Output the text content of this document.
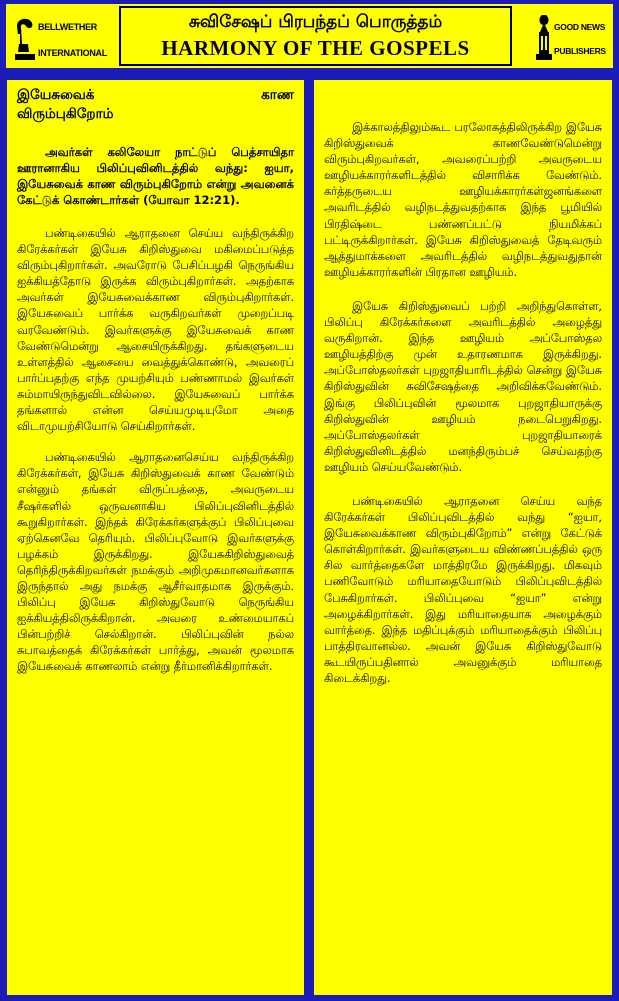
BELLWETHER
INTERNATIONAL
சுவிசேஷப் பிரபந்தப் பொருத்தம்
HARMONY OF THE GOSPELS
GOOD NEWS
PUBLISHERS

இயேசுவைக் காண

விரும்புகிறோம்

அவர்கள் கலிலேயா நாட்டுப் பெத்சாயிதா ஊரானாகிய பிலிப்புவினிடத்தில் வந்து: ஐயா, இயேசுவைக் காண விரும்புகிறோம் என்று அவனைக் கேட்டுக் கொண்டார்கள் (யோவா 12:21).

பண்டிகையில் ஆராதனை செய்ய வந்திருக்கிற கிரேக்கர்கள் இயேசு கிறிஸ்துவை மகிமைப்படுத்த விரும்புகிறார்கள். அவரோடு பேசிப்பழகி நெருங்கிய ஐக்கியத்தோடு இருக்க விரும்புகிறார்கள். அதற்காக அவர்கள் இயேசுவைக்காண விரும்புகிறார்கள். இயேசுவைப் பார்க்க வருகிறவர்கள் முறைப்படி வரவேண்டும். இவர்களுக்கு இயேசுவைக் காண வேண்டுமென்று ஆசையிருக்கிறது. தங்களுடைய உள்ளத்தில் ஆசையை வைத்துக்கொண்டு, அவரைப் பார்ப்பதற்கு எந்த முயற்சியும் பண்ணாமல் இவர்கள் சும்மாயிருந்துவிடவில்லை. இயேசுவைப் பார்க்க தங்களால் என்ன செய்யமுடியுமோ அதை விடாமுயற்சியோடு செய்கிறார்கள்.

பண்டிகையில் ஆராதனைசெய்ய வந்திருக்கிற கிரேக்கர்கள், இயேசு கிறிஸ்துவைக் காண வேண்டும் என்னும் தங்கள் விருப்பத்தை, அவருடைய சீஷர்களில் ஒருவனாகிய பிலிப்புவினிடத்தில் கூறுகிறார்கள். இந்தக் கிரேக்கர்களுக்குப் பிலிப்புவை ஏற்கெனவே தெரியும். பிலிப்புவோடு இவர்களுக்கு பழக்கம் இருக்கிறது. இயேசுகிறிஸ்துவைத் தெரிந்திருக்கிறவர்கள் நமக்கும் அறிமுகமானவர்களாக இருந்தால் அது நமக்கு ஆசீர்வாதமாக இருக்கும். பிலிப்பு இயேசு கிறிஸ்துவோடு நெருங்கிய ஐக்கியத்திலிருக்கிறான். அவரை உண்மையாகப் பின்பற்றிச் செல்கிறான். பிலிப்புவின் நல்ல சுபாவத்தைக் கிரேக்கர்கள் பார்த்து, அவன் மூலமாக இயேசுவைக் காணலாம் என்று தீர்மானிக்கிறார்கள்.

இக்காலத்திலும்கூட பரலோகத்திலிருக்கிற இயேசு கிறிஸ்துவைக் காணவேண்டுமென்று விரும்புகிறவர்கள், அவரைப்பற்றி அவருடைய ஊழியக்காரர்களிடத்தில் விசாரிக்க வேண்டும். கர்த்தருடைய ஊழியக்காரர்கள்ஜனங்களை அவரிடத்தில் வழிநடத்துவதற்காக இந்த பூமியில் பிரதிஷ்டை பண்ணப்பட்டு நியமிக்கப் பட்டிருக்கிறார்கள். இயேசு கிறிஸ்துவைத் தேடிவரும் ஆத்துமாக்களை அவரிடத்தில் வழிநடத்துவதுதான் ஊழியக்காரர்களின் பிரதான ஊழியம்.

இயேசு கிறிஸ்துவைப் பற்றி அறிந்துகொள்ள, பிலிப்பு கிரேக்கர்களை அவரிடத்தில் அழைத்து வருகிறான். இந்த ஊழியம் அப்போஸ்தல ஊழியத்திற்கு முன் உதாரணமாக இருக்கிறது. அப்போஸ்தலர்கள் புறஜாதியாரிடத்தில் சென்று இயேசு கிறிஸ்துவின் சுவிசேஷத்தை அறிவிக்கவேண்டும். இங்கு பிலிப்புவின் மூலமாக புறஜாதியாருக்கு கிறிஸ்துவின் ஊழியம் நடைபெறுகிறது. அப்போஸ்தலர்கள் புறஜாதியாரைக் கிறிஸ்துவினிடத்தில் மனந்திரும்பச் செய்வதற்கு ஊழியம் செய்யவேண்டும்.

பண்டிகையில் ஆராதனை செய்ய வந்த கிரேக்கர்கள் பிலிப்புவிடத்தில் வந்து “ஐயா, இயேசுவைக்காண விரும்புகிறோம்” என்று கேட்டுக் கொள்கிறார்கள். இவர்களுடைய விண்ணப்பத்தில் ஒரு சில வார்த்தைகளே மாத்திரமே இருக்கிறது. மிகவும் பணிவோடும் மரியாதையோடும் பிலிப்புவிடத்தில் பேசுகிறார்கள். பிலிப்புவை “ஐயா” என்று அழைக்கிறார்கள். இது மரியாதையாக அழைக்கும் வார்த்தை. இந்த மதிப்புக்கும் மரியாதைக்கும் பிலிப்பு பாத்திரவானல்ல. அவன் இயேசு கிறிஸ்துவோடு கூடயிருப்பதினால் அவனுக்கும் மரியாதை கிடைக்கிறது.
